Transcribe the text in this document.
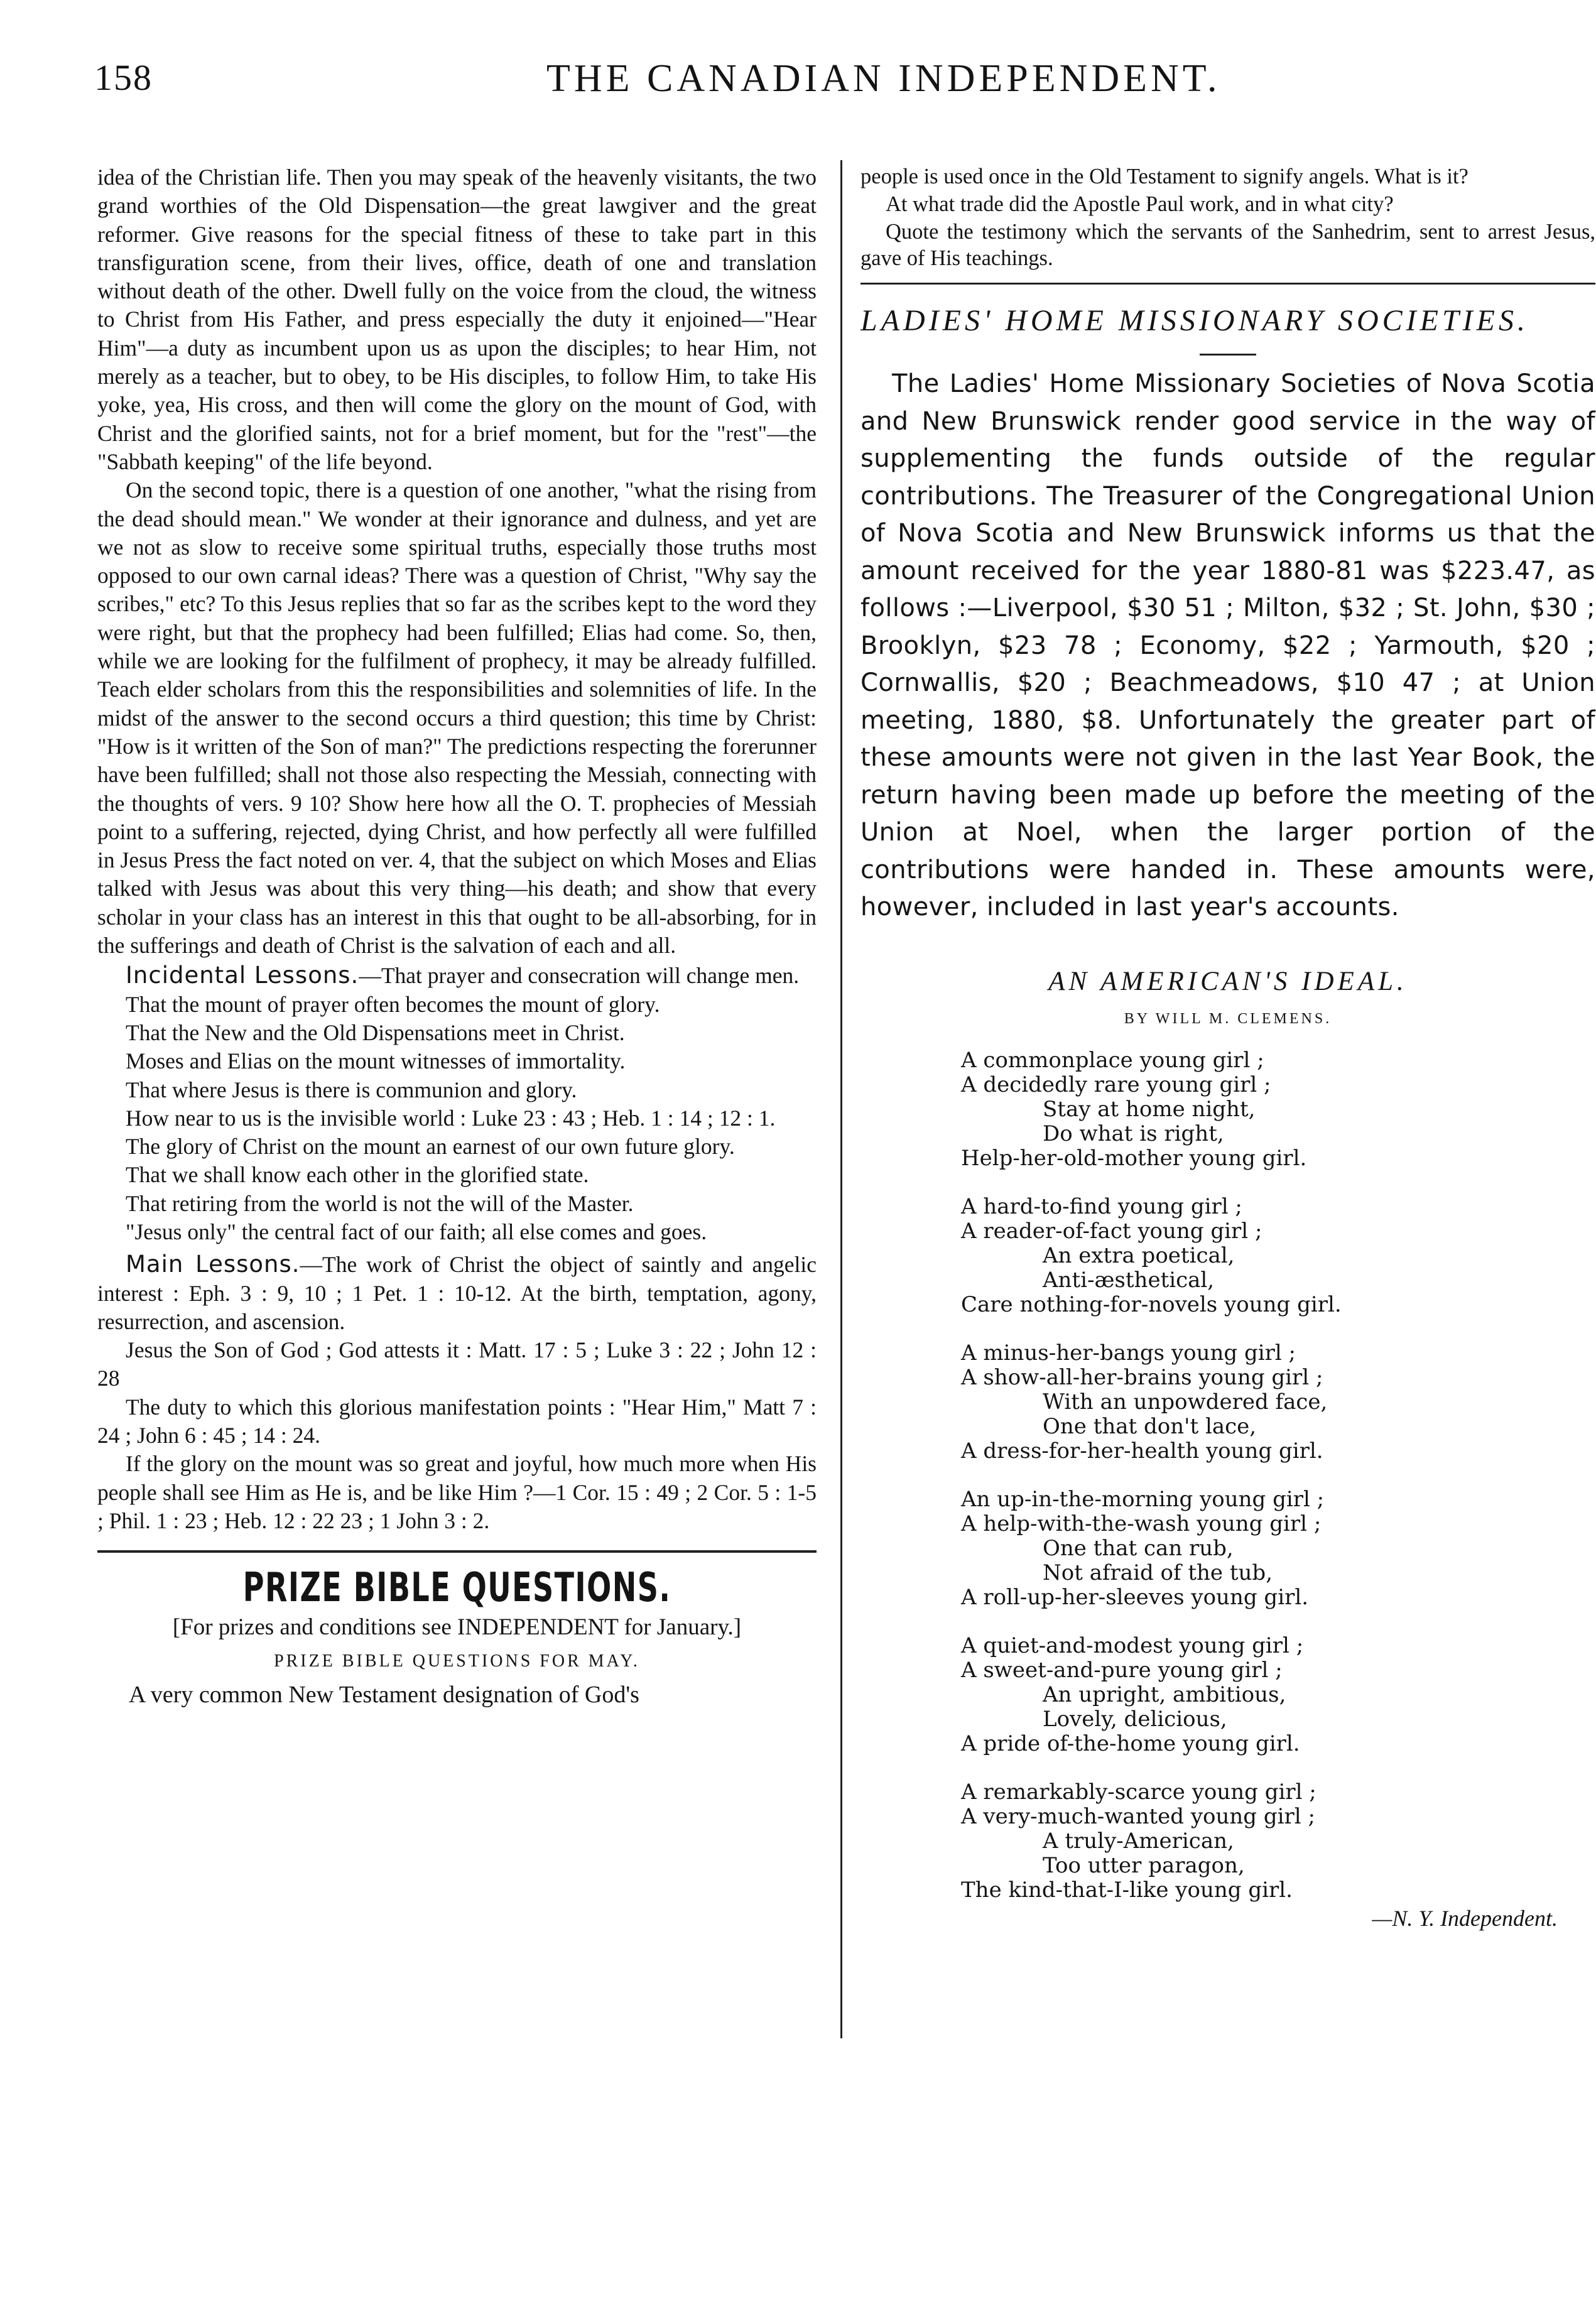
158	THE CANADIAN INDEPENDENT.

idea of the Christian life. Then you may speak of the heavenly visitants, the two grand worthies of the Old Dispensation—the great lawgiver and the great reformer. Give reasons for the special fitness of these to take part in this transfiguration scene, from their lives, office, death of one and translation without death of the other. Dwell fully on the voice from the cloud, the witness to Christ from His Father, and press especially the duty it enjoined—"Hear Him"—a duty as incumbent upon us as upon the disciples; to hear Him, not merely as a teacher, but to obey, to be His disciples, to follow Him, to take His yoke, yea, His cross, and then will come the glory on the mount of God, with Christ and the glorified saints, not for a brief moment, but for the "rest"—the "Sabbath keeping" of the life beyond.

On the second topic, there is a question of one another, "what the rising from the dead should mean." We wonder at their ignorance and dulness, and yet are we not as slow to receive some spiritual truths, especially those truths most opposed to our own carnal ideas? There was a question of Christ, "Why say the scribes," etc? To this Jesus replies that so far as the scribes kept to the word they were right, but that the prophecy had been fulfilled; Elias had come. So, then, while we are looking for the fulfilment of prophecy, it may be already fulfilled. Teach elder scholars from this the responsibilities and solemnities of life. In the midst of the answer to the second occurs a third question; this time by Christ: "How is it written of the Son of man?" The predictions respecting the forerunner have been fulfilled; shall not those also respecting the Messiah, connecting with the thoughts of vers. 9 10? Show here how all the O. T. prophecies of Messiah point to a suffering, rejected, dying Christ, and how perfectly all were fulfilled in Jesus Press the fact noted on ver. 4, that the subject on which Moses and Elias talked with Jesus was about this very thing—his death; and show that every scholar in your class has an interest in this that ought to be all-absorbing, for in the sufferings and death of Christ is the salvation of each and all.

Incidental Lessons.—That prayer and consecration will change men.

That the mount of prayer often becomes the mount of glory.

That the New and the Old Dispensations meet in Christ.

Moses and Elias on the mount witnesses of immortality.

That where Jesus is there is communion and glory.

How near to us is the invisible world : Luke 23 : 43 ; Heb. 1 : 14 ; 12 : 1.

The glory of Christ on the mount an earnest of our own future glory.

That we shall know each other in the glorified state.

That retiring from the world is not the will of the Master.

"Jesus only" the central fact of our faith; all else comes and goes.

Main Lessons.—The work of Christ the object of saintly and angelic interest : Eph. 3 : 9, 10 ; 1 Pet. 1 : 10-12. At the birth, temptation, agony, resurrection, and ascension.

Jesus the Son of God ; God attests it : Matt. 17 : 5 ; Luke 3 : 22 ; John 12 : 28

The duty to which this glorious manifestation points : "Hear Him," Matt 7 : 24 ; John 6 : 45 ; 14 : 24.

If the glory on the mount was so great and joyful, how much more when His people shall see Him as He is, and be like Him ?—1 Cor. 15 : 49 ; 2 Cor. 5 : 1-5 ; Phil. 1 : 23 ; Heb. 12 : 22 23 ; 1 John 3 : 2.

PRIZE BIBLE QUESTIONS.

[For prizes and conditions see INDEPENDENT for January.]

PRIZE BIBLE QUESTIONS FOR MAY.

A very common New Testament designation of God's

people is used once in the Old Testament to signify angels. What is it?

At what trade did the Apostle Paul work, and in what city?

Quote the testimony which the servants of the Sanhedrim, sent to arrest Jesus, gave of His teachings.

LADIES' HOME MISSIONARY SOCIETIES.

The Ladies' Home Missionary Societies of Nova Scotia and New Brunswick render good service in the way of supplementing the funds outside of the regular contributions. The Treasurer of the Congregational Union of Nova Scotia and New Brunswick informs us that the amount received for the year 1880-81 was $223.47, as follows :—Liverpool, $30 51 ; Milton, $32 ; St. John, $30 ; Brooklyn, $23 78 ; Economy, $22 ; Yarmouth, $20 ; Cornwallis, $20 ; Beachmeadows, $10 47 ; at Union meeting, 1880, $8. Unfortunately the greater part of these amounts were not given in the last Year Book, the return having been made up before the meeting of the Union at Noel, when the larger portion of the contributions were handed in. These amounts were, however, included in last year's accounts.

AN AMERICAN'S IDEAL.
BY WILL M. CLEMENS.
A commonplace young girl ;
A decidedly rare young girl ;
Stay at home night,
Do what is right,
Help-her-old-mother young girl.
A hard-to-find young girl ;
A reader-of-fact young girl ;
An extra poetical,
Anti-æsthetical,
Care nothing-for-novels young girl.
A minus-her-bangs young girl ;
A show-all-her-brains young girl ;
With an unpowdered face,
One that don't lace,
A dress-for-her-health young girl.
An up-in-the-morning young girl ;
A help-with-the-wash young girl ;
One that can rub,
Not afraid of the tub,
A roll-up-her-sleeves young girl.
A quiet-and-modest young girl ;
A sweet-and-pure young girl ;
An upright, ambitious,
Lovely, delicious,
A pride of-the-home young girl.
A remarkably-scarce young girl ;
A very-much-wanted young girl ;
A truly-American,
Too utter paragon,
The kind-that-I-like young girl.
—N. Y. Independent.
